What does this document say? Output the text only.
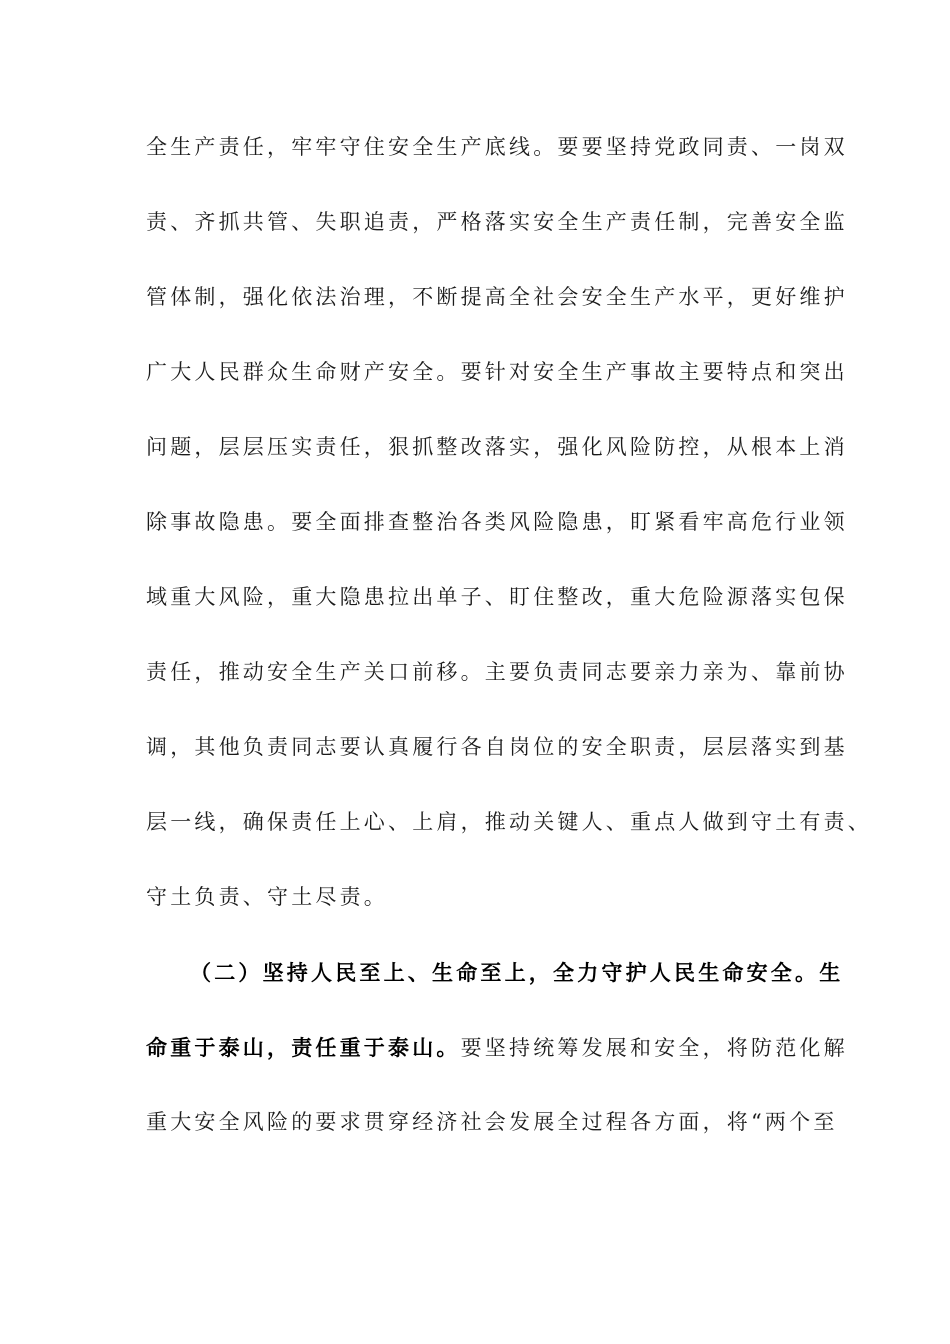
全生产责任，牢牢守住安全生产底线。要要坚持党政同责、一岗双
责、齐抓共管、失职追责，严格落实安全生产责任制，完善安全监
管体制，强化依法治理，不断提高全社会安全生产水平，更好维护
广大人民群众生命财产安全。要针对安全生产事故主要特点和突出
问题，层层压实责任，狠抓整改落实，强化风险防控，从根本上消
除事故隐患。要全面排查整治各类风险隐患，盯紧看牢高危行业领
域重大风险，重大隐患拉出单子、盯住整改，重大危险源落实包保
责任，推动安全生产关口前移。主要负责同志要亲力亲为、靠前协
调，其他负责同志要认真履行各自岗位的安全职责，层层落实到基
层一线，确保责任上心、上肩，推动关键人、重点人做到守土有责、
守土负责、守土尽责。
（二）坚持人民至上、生命至上，全力守护人民生命安全。生
命重于泰山，责任重于泰山。要坚持统筹发展和安全，将防范化解
重大安全风险的要求贯穿经济社会发展全过程各方面，将“两个至
